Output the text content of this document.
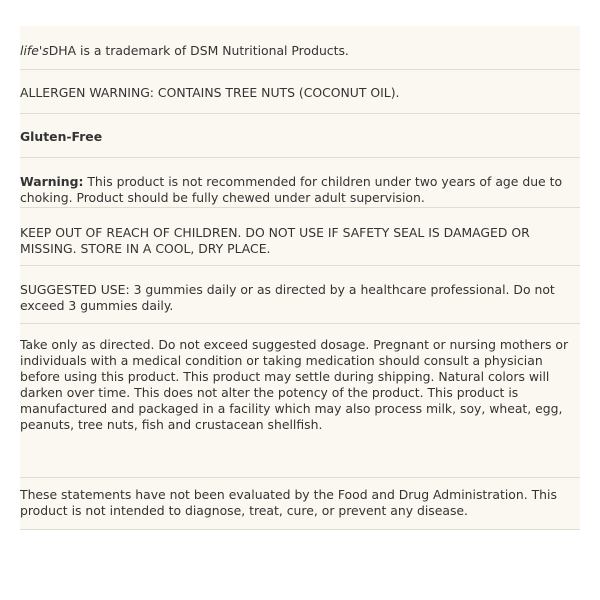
life'sDHA is a trademark of DSM Nutritional Products.

ALLERGEN WARNING: CONTAINS TREE NUTS (COCONUT OIL).

Gluten-Free

Warning: This product is not recommended for children under two years of age due to choking. Product should be fully chewed under adult supervision.

KEEP OUT OF REACH OF CHILDREN. DO NOT USE IF SAFETY SEAL IS DAMAGED OR MISSING. STORE IN A COOL, DRY PLACE.

SUGGESTED USE: 3 gummies daily or as directed by a healthcare professional. Do not exceed 3 gummies daily.

Take only as directed. Do not exceed suggested dosage. Pregnant or nursing mothers or individuals with a medical condition or taking medication should consult a physician before using this product. This product may settle during shipping. Natural colors will darken over time. This does not alter the potency of the product. This product is manufactured and packaged in a facility which may also process milk, soy, wheat, egg, peanuts, tree nuts, fish and crustacean shellfish.

These statements have not been evaluated by the Food and Drug Administration. This product is not intended to diagnose, treat, cure, or prevent any disease.
